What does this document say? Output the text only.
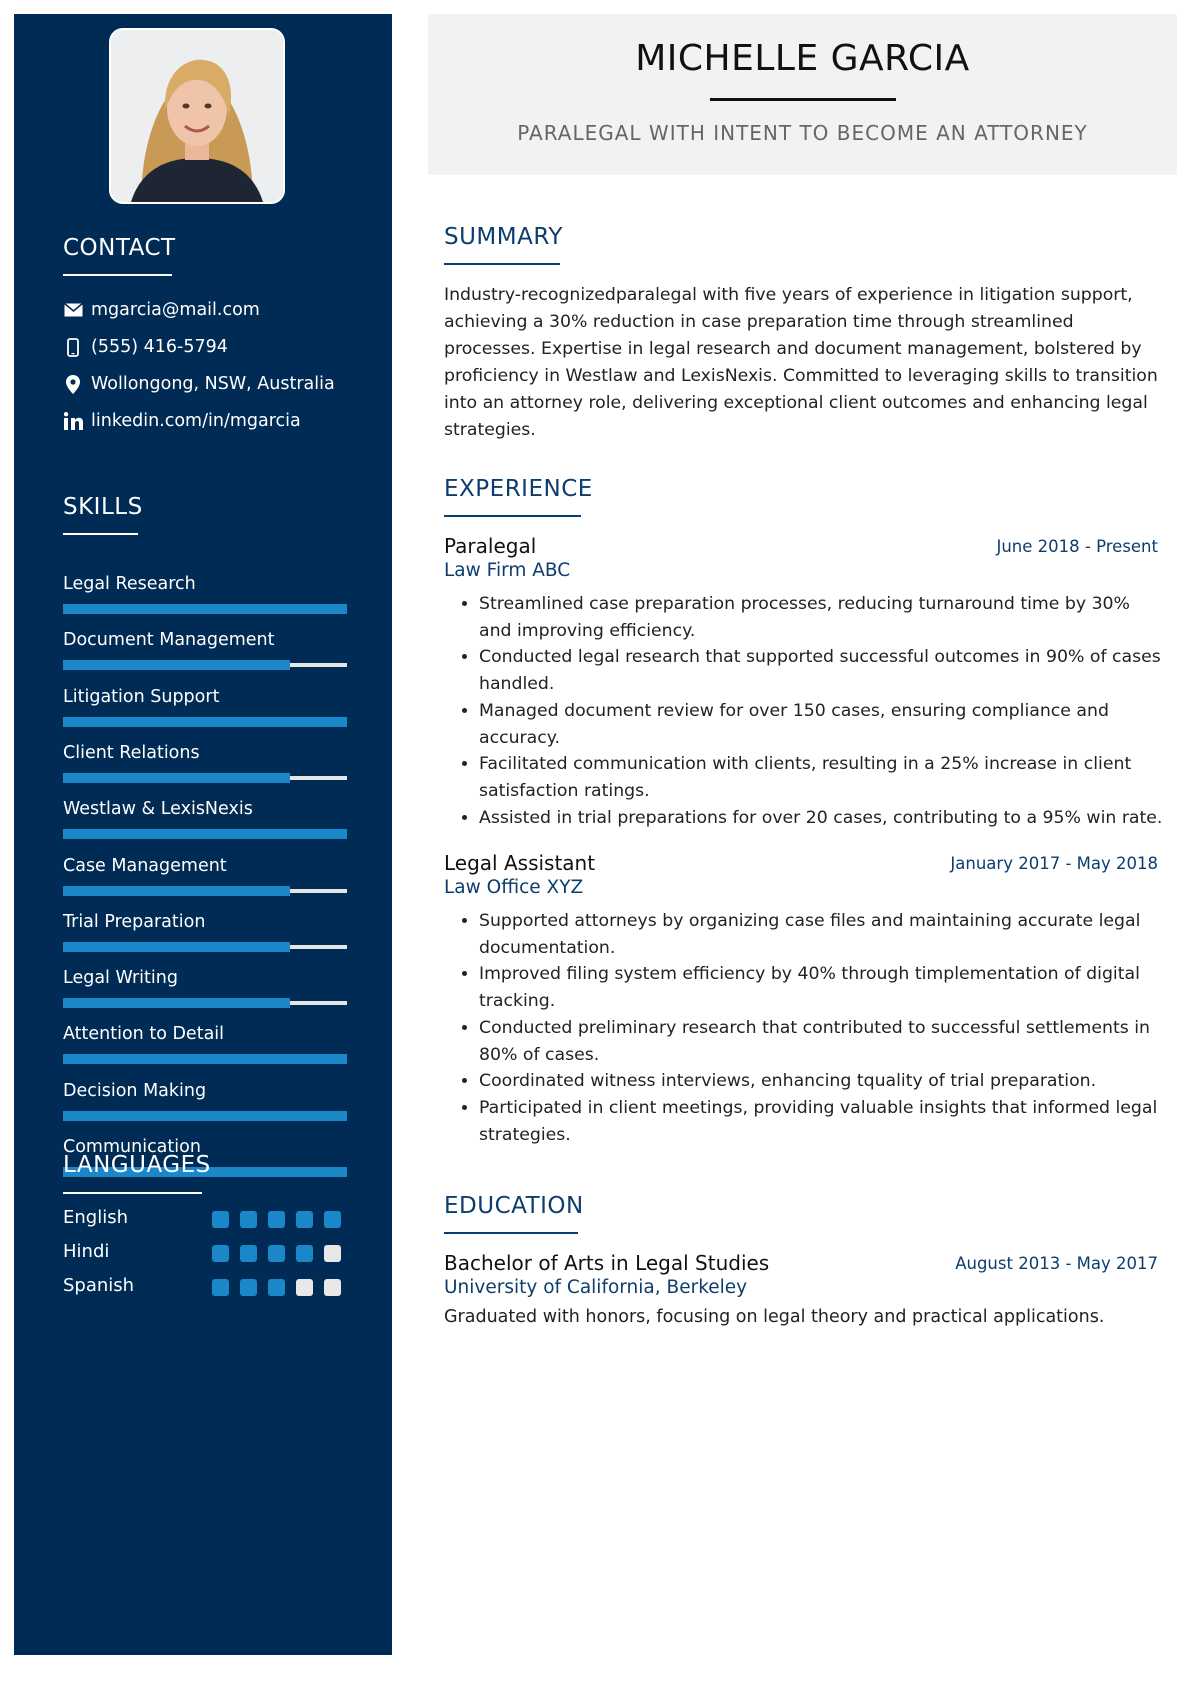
CONTACT
mgarcia@mail.com
(555) 416-5794
Wollongong, NSW, Australia
linkedin.com/in/mgarcia
SKILLS
Legal Research
Document Management
Litigation Support
Client Relations
Westlaw & LexisNexis
Case Management
Trial Preparation
Legal Writing
Attention to Detail
Decision Making
Communication
LANGUAGES
English
Hindi
Spanish
MICHELLE GARCIA
PARALEGAL WITH INTENT TO BECOME AN ATTORNEY
SUMMARY
Industry-recognizedparalegal with five years of experience in litigation support, achieving a 30% reduction in case preparation time through streamlined processes. Expertise in legal research and document management, bolstered by proficiency in Westlaw and LexisNexis. Committed to leveraging skills to transition into an attorney role, delivering exceptional client outcomes and enhancing legal strategies.
EXPERIENCE
Paralegal	June 2018 - Present
Law Firm ABC
• Streamlined case preparation processes, reducing turnaround time by 30% and improving efficiency.
• Conducted legal research that supported successful outcomes in 90% of cases handled.
• Managed document review for over 150 cases, ensuring compliance and accuracy.
• Facilitated communication with clients, resulting in a 25% increase in client satisfaction ratings.
• Assisted in trial preparations for over 20 cases, contributing to a 95% win rate.
Legal Assistant	January 2017 - May 2018
Law Office XYZ
• Supported attorneys by organizing case files and maintaining accurate legal documentation.
• Improved filing system efficiency by 40% through timplementation of digital tracking.
• Conducted preliminary research that contributed to successful settlements in 80% of cases.
• Coordinated witness interviews, enhancing tquality of trial preparation.
• Participated in client meetings, providing valuable insights that informed legal strategies.
EDUCATION
Bachelor of Arts in Legal Studies	August 2013 - May 2017
University of California, Berkeley
Graduated with honors, focusing on legal theory and practical applications.
